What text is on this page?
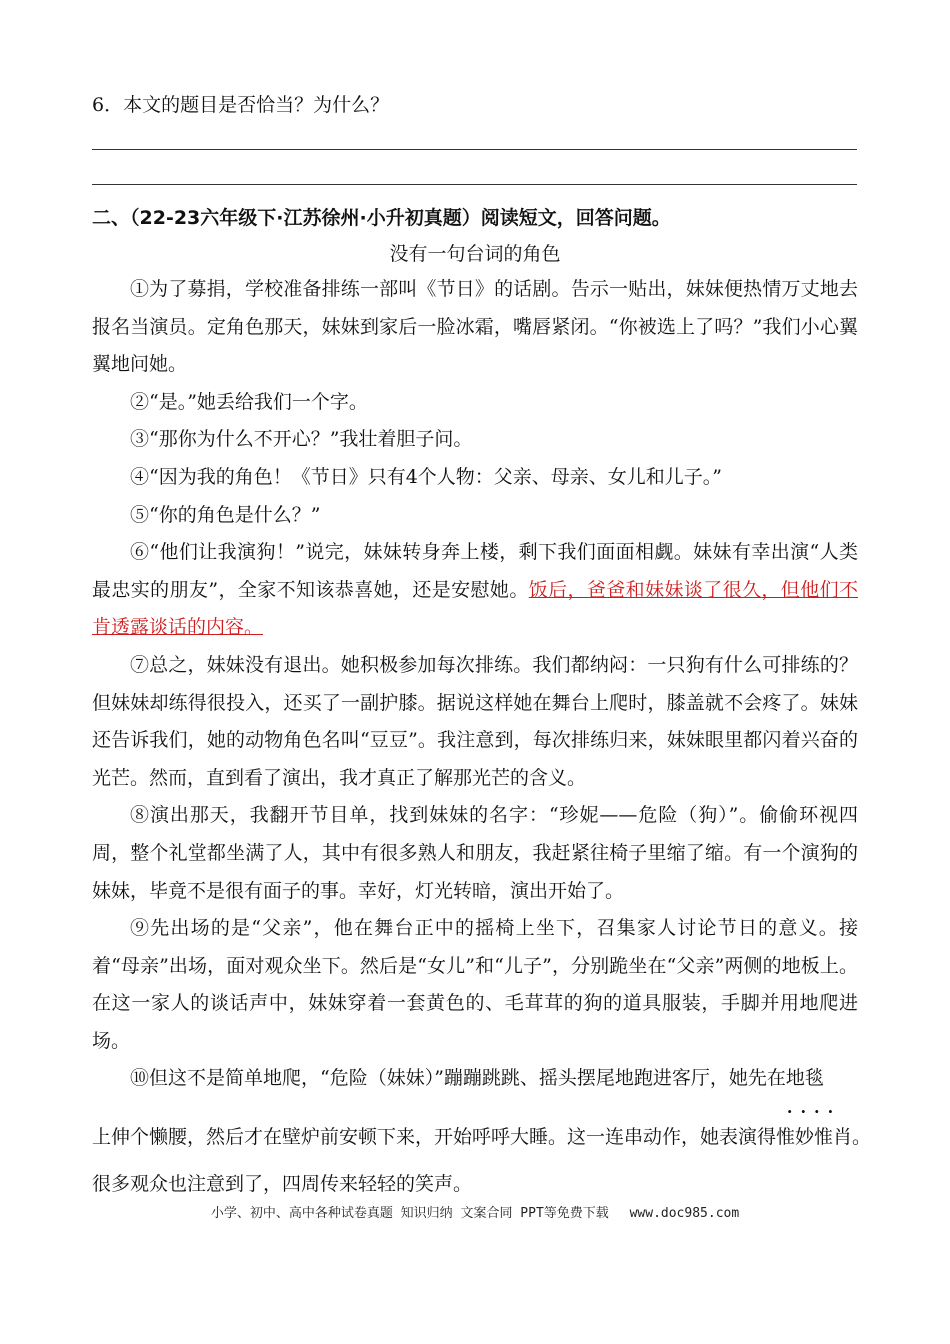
6．本文的题目是否恰当？为什么？
二、（22-23六年级下·江苏徐州·小升初真题）阅读短文，回答问题。
没有一句台词的角色

①为了募捐，学校准备排练一部叫《节日》的话剧。告示一贴出，妹妹便热情万丈地去报名当演员。定角色那天，妹妹到家后一脸冰霜，嘴唇紧闭。“你被选上了吗？”我们小心翼翼地问她。

②“是。”她丢给我们一个字。

③“那你为什么不开心？”我壮着胆子问。

④“因为我的角色！《节日》只有4个人物：父亲、母亲、女儿和儿子。”

⑤“你的角色是什么？”

⑥“他们让我演狗！”说完，妹妹转身奔上楼，剩下我们面面相觑。妹妹有幸出演“人类最忠实的朋友”，全家不知该恭喜她，还是安慰她。饭后，爸爸和妹妹谈了很久，但他们不肯透露谈话的内容。

⑦总之，妹妹没有退出。她积极参加每次排练。我们都纳闷：一只狗有什么可排练的？但妹妹却练得很投入，还买了一副护膝。据说这样她在舞台上爬时，膝盖就不会疼了。妹妹还告诉我们，她的动物角色名叫“豆豆”。我注意到，每次排练归来，妹妹眼里都闪着兴奋的光芒。然而，直到看了演出，我才真正了解那光芒的含义。

⑧演出那天，我翻开节目单，找到妹妹的名字：“珍妮——危险（狗）”。偷偷环视四周，整个礼堂都坐满了人，其中有很多熟人和朋友，我赶紧往椅子里缩了缩。有一个演狗的妹妹，毕竟不是很有面子的事。幸好，灯光转暗，演出开始了。

⑨先出场的是“父亲”，他在舞台正中的摇椅上坐下，召集家人讨论节日的意义。接着“母亲”出场，面对观众坐下。然后是“女儿”和“儿子”，分别跪坐在“父亲”两侧的地板上。在这一家人的谈话声中，妹妹穿着一套黄色的、毛茸茸的狗的道具服装，手脚并用地爬进场。

⑩但这不是简单地爬，“危险（妹妹）”蹦蹦跳跳、摇头摆尾地跑进客厅，她先在地毯

上伸个懒腰，然后才在壁炉前安顿下来，开始呼呼大睡。这一连串动作，她表演得
····
惟妙惟肖。
很多观众也注意到了，四周传来轻轻的笑声。
小学、初中、高中各种试卷真题 知识归纳 文案合同 PPT等免费下载　 www.doc985.com
